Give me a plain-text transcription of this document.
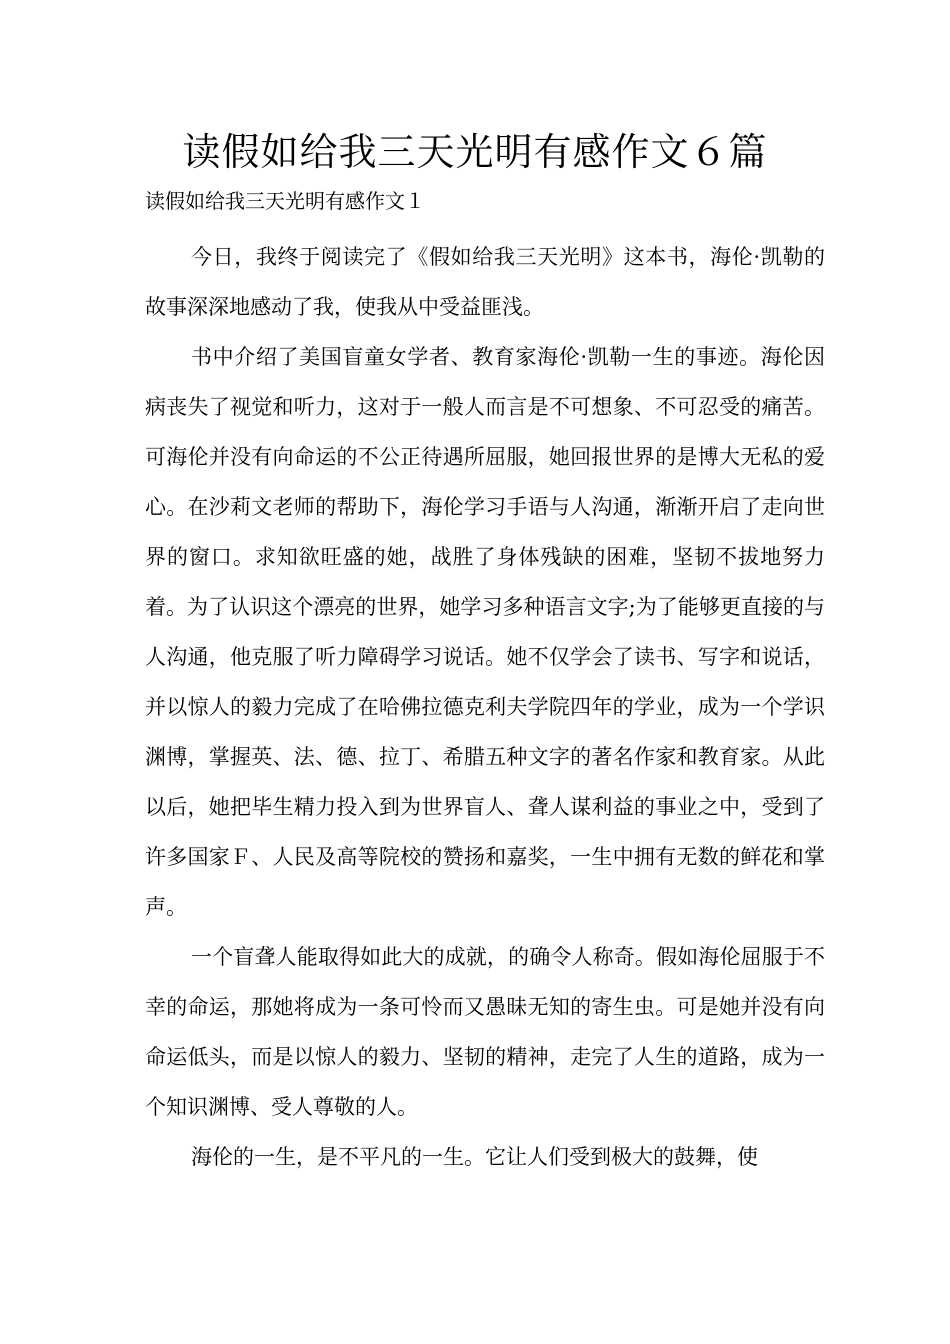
读假如给我三天光明有感作文６篇
读假如给我三天光明有感作文１

今日，我终于阅读完了《假如给我三天光明》这本书，海伦·凯勒的故事深深地感动了我，使我从中受益匪浅。

书中介绍了美国盲童女学者、教育家海伦·凯勒一生的事迹。海伦因病丧失了视觉和听力，这对于一般人而言是不可想象、不可忍受的痛苦。可海伦并没有向命运的不公正待遇所屈服，她回报世界的是博大无私的爱心。在沙莉文老师的帮助下，海伦学习手语与人沟通，渐渐开启了走向世界的窗口。求知欲旺盛的她，战胜了身体残缺的困难，坚韧不拔地努力着。为了认识这个漂亮的世界，她学习多种语言文字;为了能够更直接的与人沟通，他克服了听力障碍学习说话。她不仅学会了读书、写字和说话，并以惊人的毅力完成了在哈佛拉德克利夫学院四年的学业，成为一个学识渊博，掌握英、法、德、拉丁、希腊五种文字的著名作家和教育家。从此以后，她把毕生精力投入到为世界盲人、聋人谋利益的事业之中，受到了许多国家Ｆ、人民及高等院校的赞扬和嘉奖，一生中拥有无数的鲜花和掌声。

一个盲聋人能取得如此大的成就，的确令人称奇。假如海伦屈服于不幸的命运，那她将成为一条可怜而又愚昧无知的寄生虫。可是她并没有向命运低头，而是以惊人的毅力、坚韧的精神，走完了人生的道路，成为一个知识渊博、受人尊敬的人。

海伦的一生，是不平凡的一生。它让人们受到极大的鼓舞，使
